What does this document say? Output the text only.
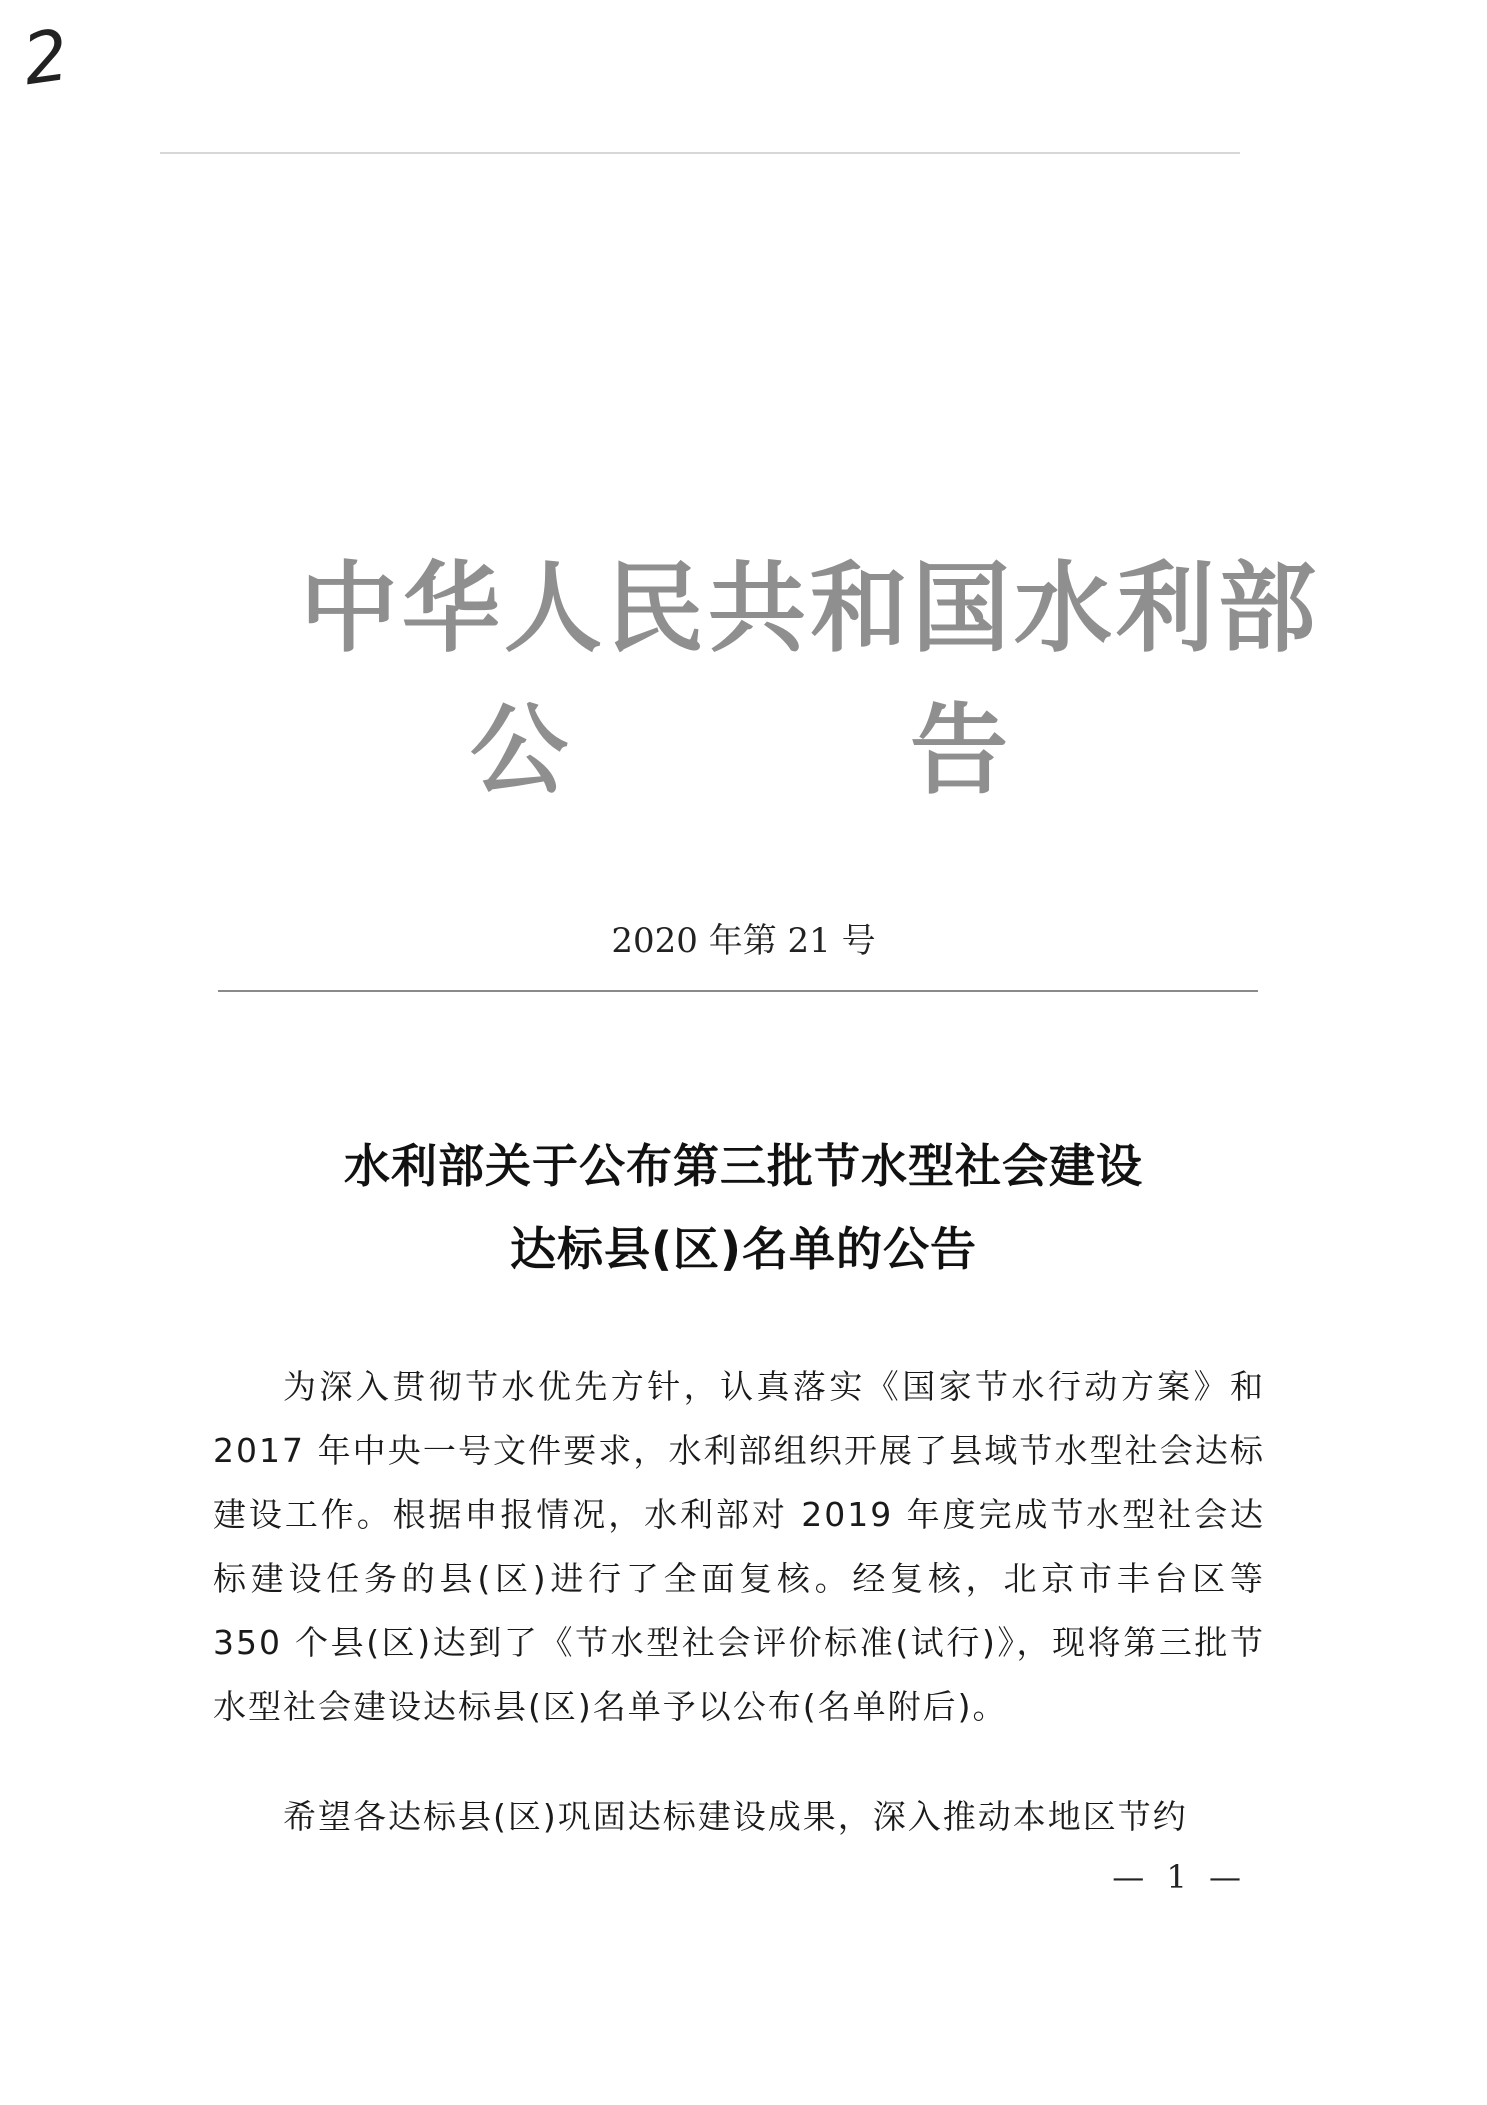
2
中华人民共和国水利部
公	告
2020 年第 21 号
水利部关于公布第三批节水型社会建设
达标县(区)名单的公告
为深入贯彻节水优先方针，认真落实《国家节水行动方案》和 2017 年中央一号文件要求，水利部组织开展了县域节水型社会达标建设工作。根据申报情况，水利部对 2019 年度完成节水型社会达标建设任务的县(区)进行了全面复核。经复核，北京市丰台区等 350 个县(区)达到了《节水型社会评价标准(试行)》，现将第三批节水型社会建设达标县(区)名单予以公布(名单附后)。
希望各达标县(区)巩固达标建设成果，深入推动本地区节约
— 1 —
